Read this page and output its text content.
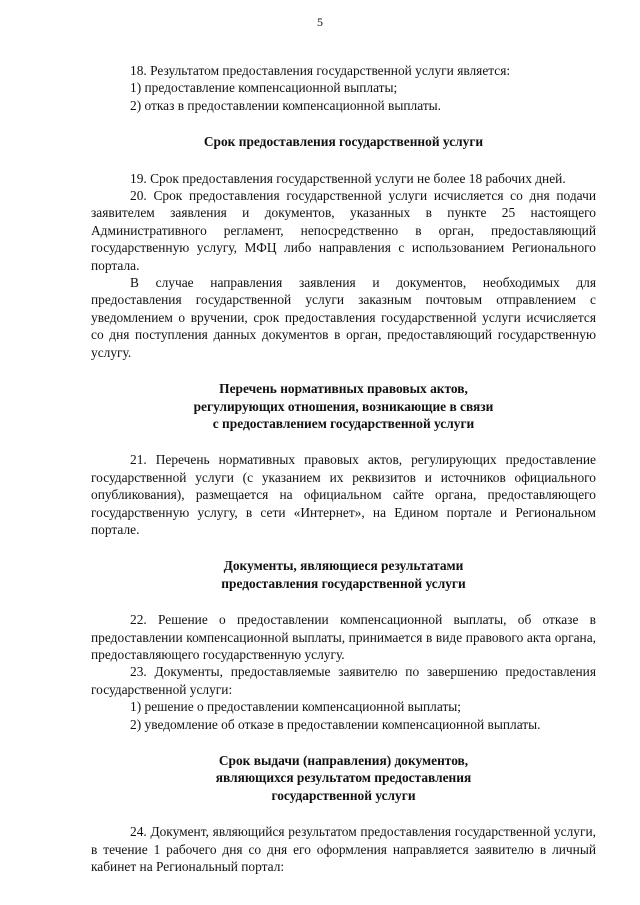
5

18. Результатом предоставления государственной услуги является:

1) предоставление компенсационной выплаты;

2) отказ в предоставлении компенсационной выплаты.

Срок предоставления государственной услуги

19. Срок предоставления государственной услуги не более 18 рабочих дней.

20. Срок предоставления государственной услуги исчисляется со дня подачи заявителем заявления и документов, указанных в пункте 25 настоящего Административного регламент, непосредственно в орган, предоставляющий государственную услугу, МФЦ либо направления с использованием Регионального портала.

В случае направления заявления и документов, необходимых для предоставления государственной услуги заказным почтовым отправлением с уведомлением о вручении, срок предоставления государственной услуги исчисляется со дня поступления данных документов в орган, предоставляющий государственную услугу.

Перечень нормативных правовых актов,

регулирующих отношения, возникающие в связи

с предоставлением государственной услуги

21. Перечень нормативных правовых актов, регулирующих предоставление государственной услуги (с указанием их реквизитов и источников официального опубликования), размещается на официальном сайте органа, предоставляющего государственную услугу, в сети «Интернет», на Едином портале и Региональном портале.

Документы, являющиеся результатами

предоставления государственной услуги

22. Решение о предоставлении компенсационной выплаты, об отказе в предоставлении компенсационной выплаты, принимается в виде правового акта органа, предоставляющего государственную услугу.

23. Документы, предоставляемые заявителю по завершению предоставления государственной услуги:

1) решение о предоставлении компенсационной выплаты;

2) уведомление об отказе в предоставлении компенсационной выплаты.

Срок выдачи (направления) документов,

являющихся результатом предоставления

государственной услуги

24. Документ, являющийся результатом предоставления государственной услуги, в течение 1 рабочего дня со дня его оформления направляется заявителю в личный кабинет на Региональный портал:
